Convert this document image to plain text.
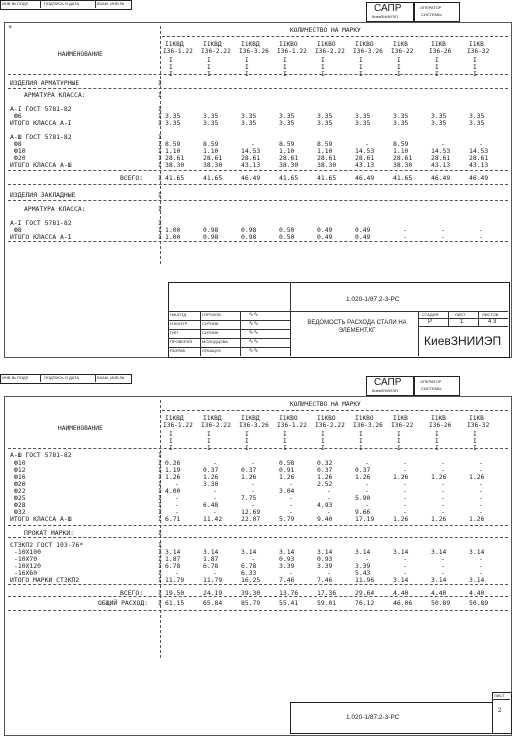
ИНВ.№ ПОДЛ	ПОДПИСЬ И ДАТА	ВЗАМ. ИНВ.№	САПР
КиевЗНИИЭП
ОПЕРАТОР
СИСТЕМЫ
*	КОЛИЧЕСТВО НА МАРКУ
НАИМЕНОВАНИЕ
I1КВД
I36-1.22
I
I
I
I1КВД
I36-2.22
I
I
I
I1КВД
I36-3.26
I
I
I
I1КВО
I36-1.22
I
I
I
I1КВО
I36-2.22
I
I
I
I1КВО
I36-3.26
I
I
I
I1КВ
I36-22
I
I
I
I1КВ
I36-26
I
I
I
I1КВ
I36-32
I
I
I
ИЗДЕЛИЯ АРМАТУРНЫЕ	I
АРМАТУРА КЛАССА:	I
А-I ГОСТ 5781-82	I
Ф6	I 3.35	3.35	3.35	3.35	3.35	3.35	3.35	3.35	3.35
ИТОГО КЛАССА А-I	I 3.35	3.35	3.35	3.35	3.35	3.35	3.35	3.35	3.35
А-Ш ГОСТ 5781-82	I
Ф8	I 8.59	8.59	-	8.59	8.59	-	8.59	-	-
Ф10	I 1.10	1.10	14.53	1.10	1.10	14.53	1.10	14.53	14.53
Ф20	I 28.61	28.61	28.61	28.61	28.61	28.61	28.61	28.61	28.61
ИТОГО КЛАССА А-Ш	I 38.30	38.30	43.13	38.30	38.30	43.13	38.30	43.13	43.13
ВСЕГО: I 41.65	41.65	46.49	41.65	41.65	46.49	41.65	46.49	46.49
ИЗДЕЛИЯ ЗАКЛАДНЫЕ	I
АРМАТУРА КЛАССА:	I
А-I ГОСТ 5781-82	I
Ф8	I 1.00	0.98	0.98	0.50	0.49	0.49	-	-	-
ИТОГО КЛАССА А-I	I 1.00	0.98	0.98	0.50	0.49	0.49	-	-	-
1.020-1/87.2-3-РС
НАЧОТД	ГОРОХОВ	∿∿
Н.КОНТР.	СИТНИК	∿∿
ГИП	СИТНИК	∿∿
ПРОВЕРИЛ МОЛОДЦОВА	∿∿
РАЗРАБ	ЛУКАЩУК	∿∿
ВЕДОМОСТЬ РАСХОДА СТАЛИ НА ЭЛЕМЕНТ,КГ
СТАДИЯ	ЛИСТ	ЛИСТОВ
Р	1	4 3
КиевЗНИИЭП
ИНВ.№ ПОДЛ	ПОДПИСЬ И ДАТА	ВЗАМ. ИНВ.№	САПР
КиевЗНИИЭП
ОПЕРАТОР
СИСТЕМЫ
КОЛИЧЕСТВО НА МАРКУ
НАИМЕНОВАНИЕ
I1КВД
I36-1.22
I
I
I
I1КВД
I36-2.22
I
I
I
I1КВД
I36-3.26
I
I
I
I1КВО
I36-1.22
I
I
I
I1КВО
I36-2.22
I
I
I
I1КВО
I36-3.26
I
I
I
I1КВ
I36-22
I
I
I
I1КВ
I36-26
I
I
I
I1КВ
I36-32
I
I
I
А-Ш ГОСТ 5781-82	I
Ф10	I 0.26	-	-	0.58	0.32	-	-	-	-
Ф12	I 1.19	0.37	0.37	0.91	0.37	0.37	-	-	-
Ф16	I 1.26	1.26	1.26	1.26	1.26	1.26	1.26	1.26	1.26
Ф20	I -	3.30	-	-	2.52	-	-	-	-
Ф22	I 4.00	-	-	3.04	-	-	-	-	-
Ф25	I -	-	7.75	-	-	5.90	-	-	-
Ф28	I -	6.48	-	-	4.93	-	-	-	-
Ф32	I -	-	12.69	-	-	9.66	-	-	-
ИТОГО КЛАССА А-Ш	I 6.71	11.42	22.07	5.79	9.40	17.19	1.26	1.26	1.26
ПРОКАТ МАРКИ:	I
СТЗКП2 ГОСТ 103-76*	I
-10Х100	I 3.14	3.14	3.14	3.14	3.14	3.14	3.14	3.14	3.14
-10Х70	I 1.87	1.87	-	0.93	0.93	-	-	-	-
-10Х120	I 6.78	6.78	6.78	3.39	3.39	3.39	-	-	-
-16Х60	I -	-	6.33	-	-	5.43	-	-	-
ИТОГО МАРКИ СТЗКП2	I 11.79	11.79	16.25	7.46	7.46	11.96	3.14	3.14	3.14
ВСЕГО: I 19.50	24.19	39.30	13.76	17.36	29.64	4.40	4.40	4.40
ОБЩИЙ РАСХОД: I 61.15	65.84	85.79	55.41	59.01	76.12	46.06	50.89	50.89
ЛИСТ
2
1.020-1/87.2-3-РС
